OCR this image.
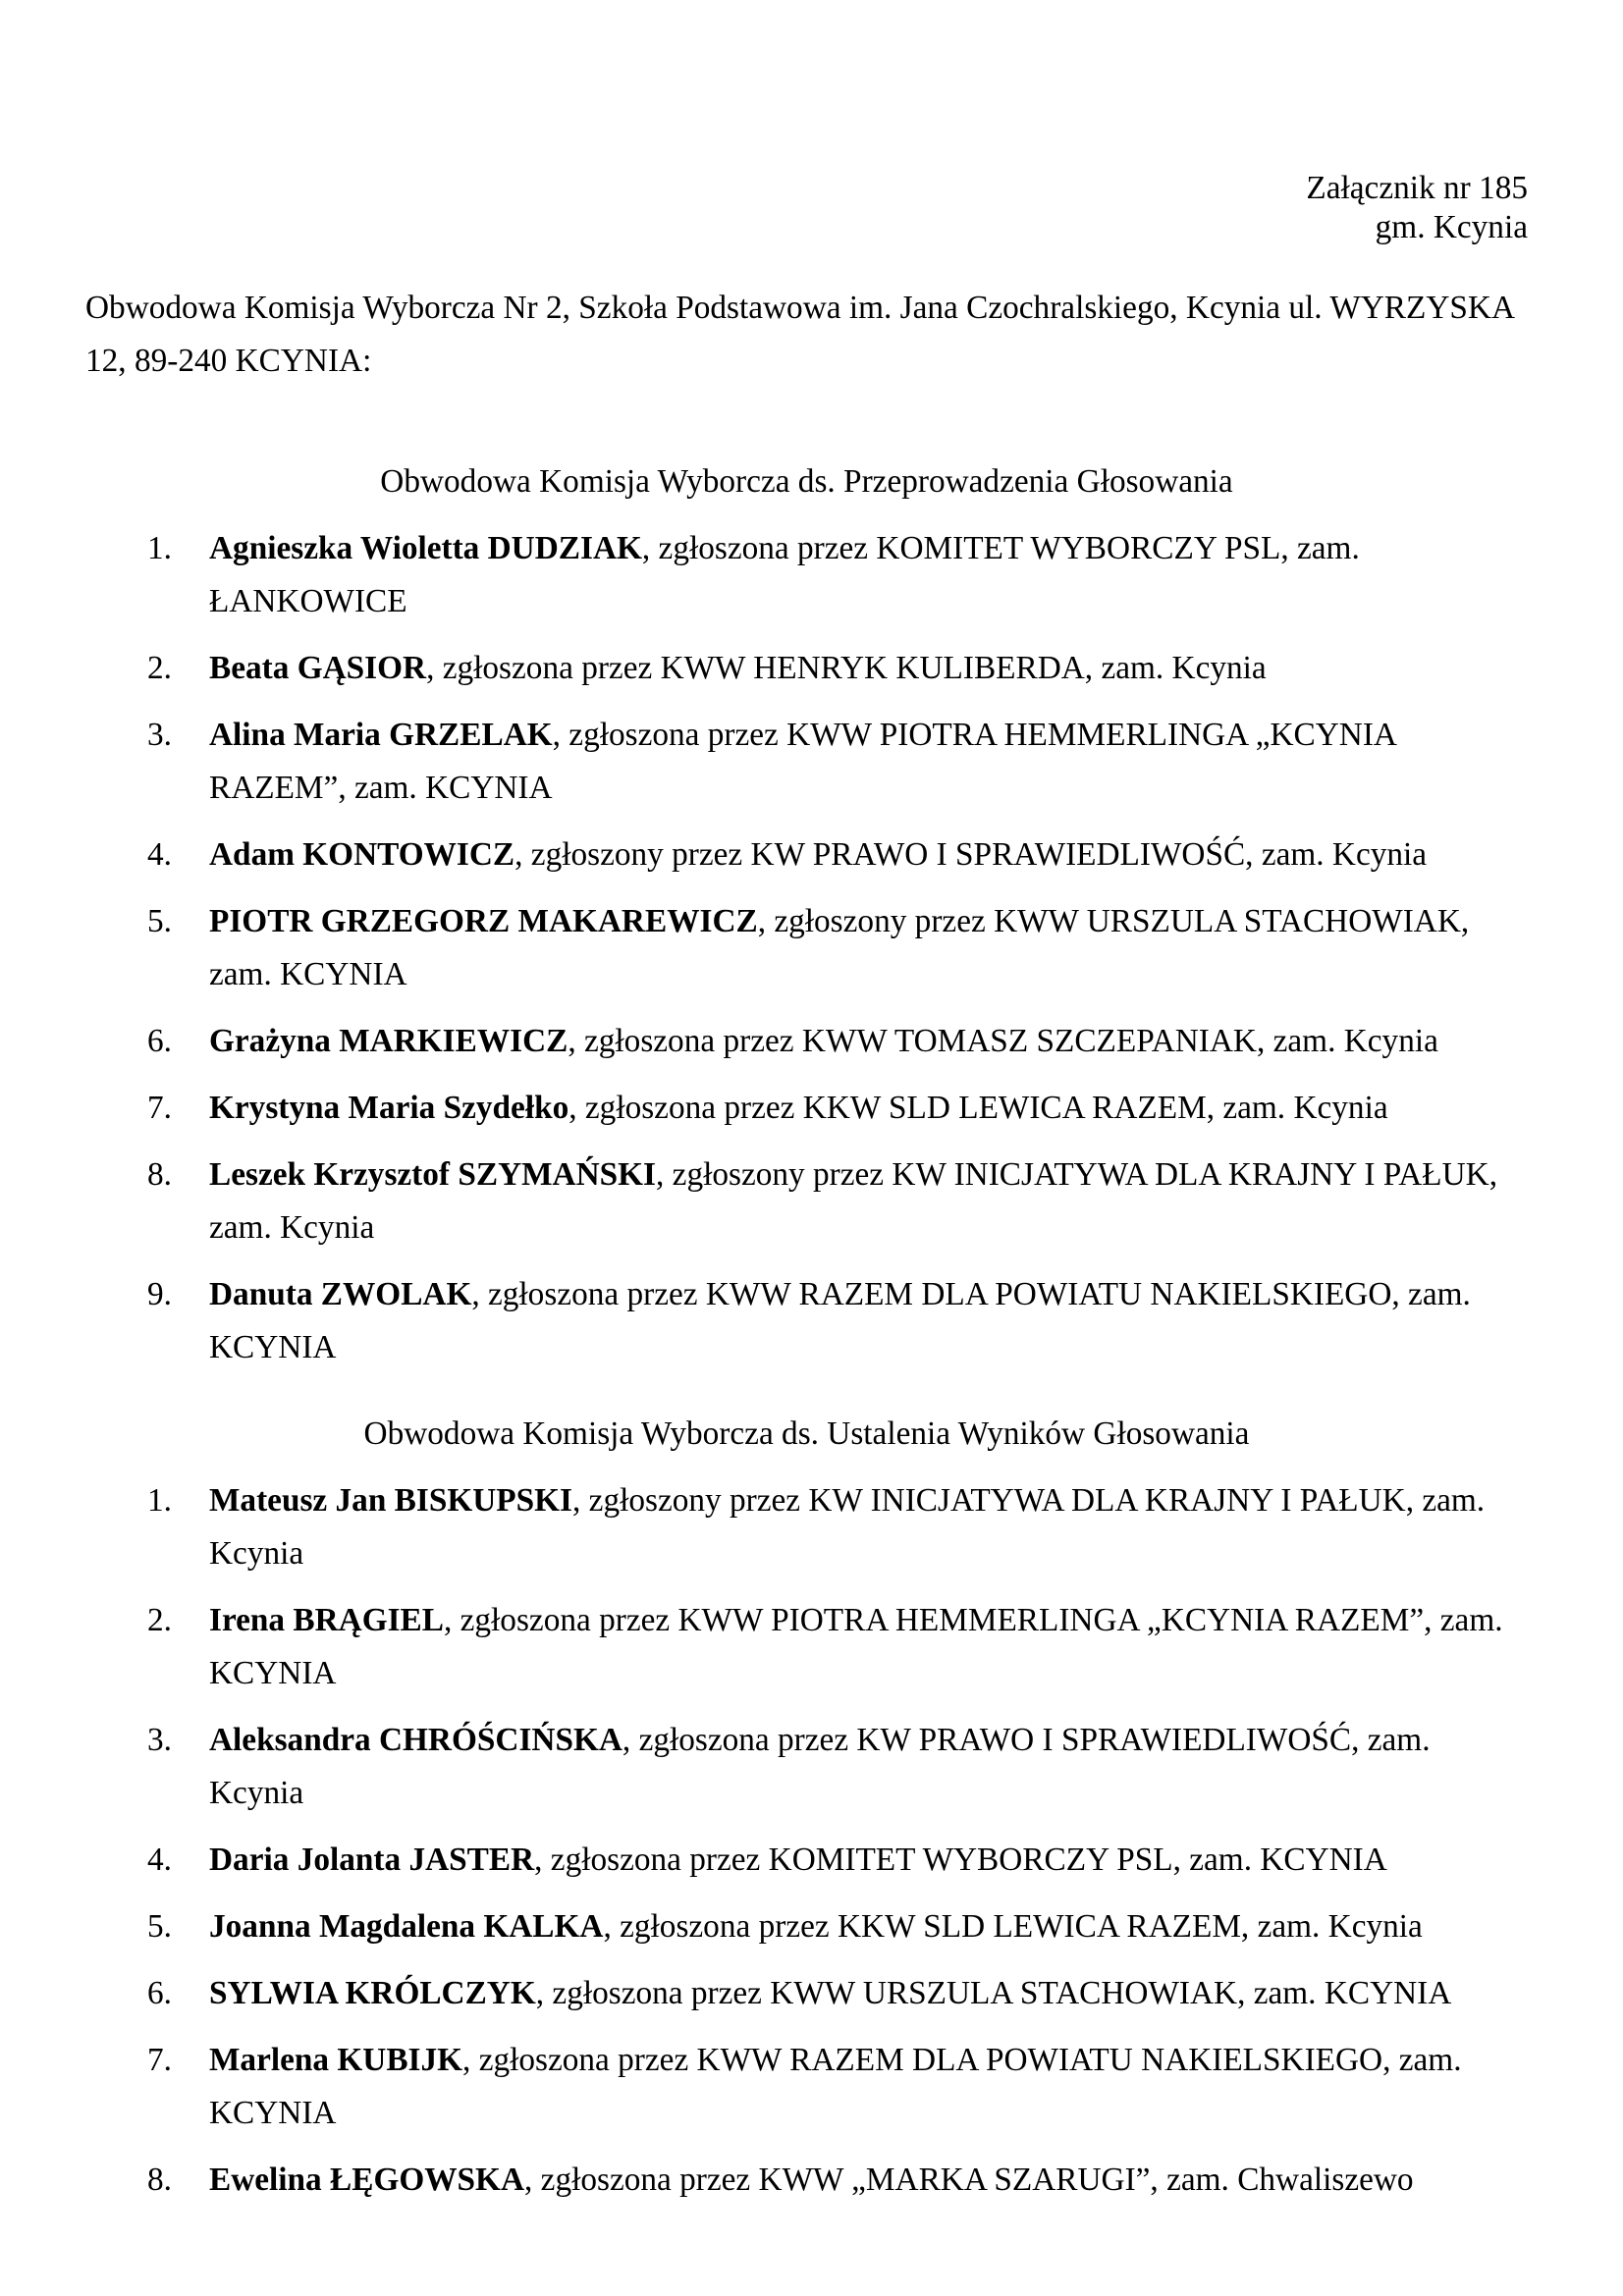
Załącznik nr 185
gm. Kcynia

Obwodowa Komisja Wyborcza Nr 2, Szkoła Podstawowa im. Jana Czochralskiego, Kcynia ul. WYRZYSKA 12, 89-240 KCYNIA:

Obwodowa Komisja Wyborcza ds. Przeprowadzenia Głosowania
1.	Agnieszka Wioletta DUDZIAK, zgłoszona przez KOMITET WYBORCZY PSL, zam. ŁANKOWICE
2.	Beata GĄSIOR, zgłoszona przez KWW HENRYK KULIBERDA, zam. Kcynia
3.	Alina Maria GRZELAK, zgłoszona przez KWW PIOTRA HEMMERLINGA „KCYNIA RAZEM”, zam. KCYNIA
4.	Adam KONTOWICZ, zgłoszony przez KW PRAWO I SPRAWIEDLIWOŚĆ, zam. Kcynia
5.	PIOTR GRZEGORZ MAKAREWICZ, zgłoszony przez KWW URSZULA STACHOWIAK, zam. KCYNIA
6.	Grażyna MARKIEWICZ, zgłoszona przez KWW TOMASZ SZCZEPANIAK, zam. Kcynia
7.	Krystyna Maria Szydełko, zgłoszona przez KKW SLD LEWICA RAZEM, zam. Kcynia
8.	Leszek Krzysztof SZYMAŃSKI, zgłoszony przez KW INICJATYWA DLA KRAJNY I PAŁUK, zam. Kcynia
9.	Danuta ZWOLAK, zgłoszona przez KWW RAZEM DLA POWIATU NAKIELSKIEGO, zam. KCYNIA
Obwodowa Komisja Wyborcza ds. Ustalenia Wyników Głosowania
1.	Mateusz Jan BISKUPSKI, zgłoszony przez KW INICJATYWA DLA KRAJNY I PAŁUK, zam. Kcynia
2.	Irena BRĄGIEL, zgłoszona przez KWW PIOTRA HEMMERLINGA „KCYNIA RAZEM”, zam. KCYNIA
3.	Aleksandra CHRÓŚCIŃSKA, zgłoszona przez KW PRAWO I SPRAWIEDLIWOŚĆ, zam. Kcynia
4.	Daria Jolanta JASTER, zgłoszona przez KOMITET WYBORCZY PSL, zam. KCYNIA
5.	Joanna Magdalena KALKA, zgłoszona przez KKW SLD LEWICA RAZEM, zam. Kcynia
6.	SYLWIA KRÓLCZYK, zgłoszona przez KWW URSZULA STACHOWIAK, zam. KCYNIA
7.	Marlena KUBIJK, zgłoszona przez KWW RAZEM DLA POWIATU NAKIELSKIEGO, zam. KCYNIA
8.	Ewelina ŁĘGOWSKA, zgłoszona przez KWW „MARKA SZARUGI”, zam. Chwaliszewo
